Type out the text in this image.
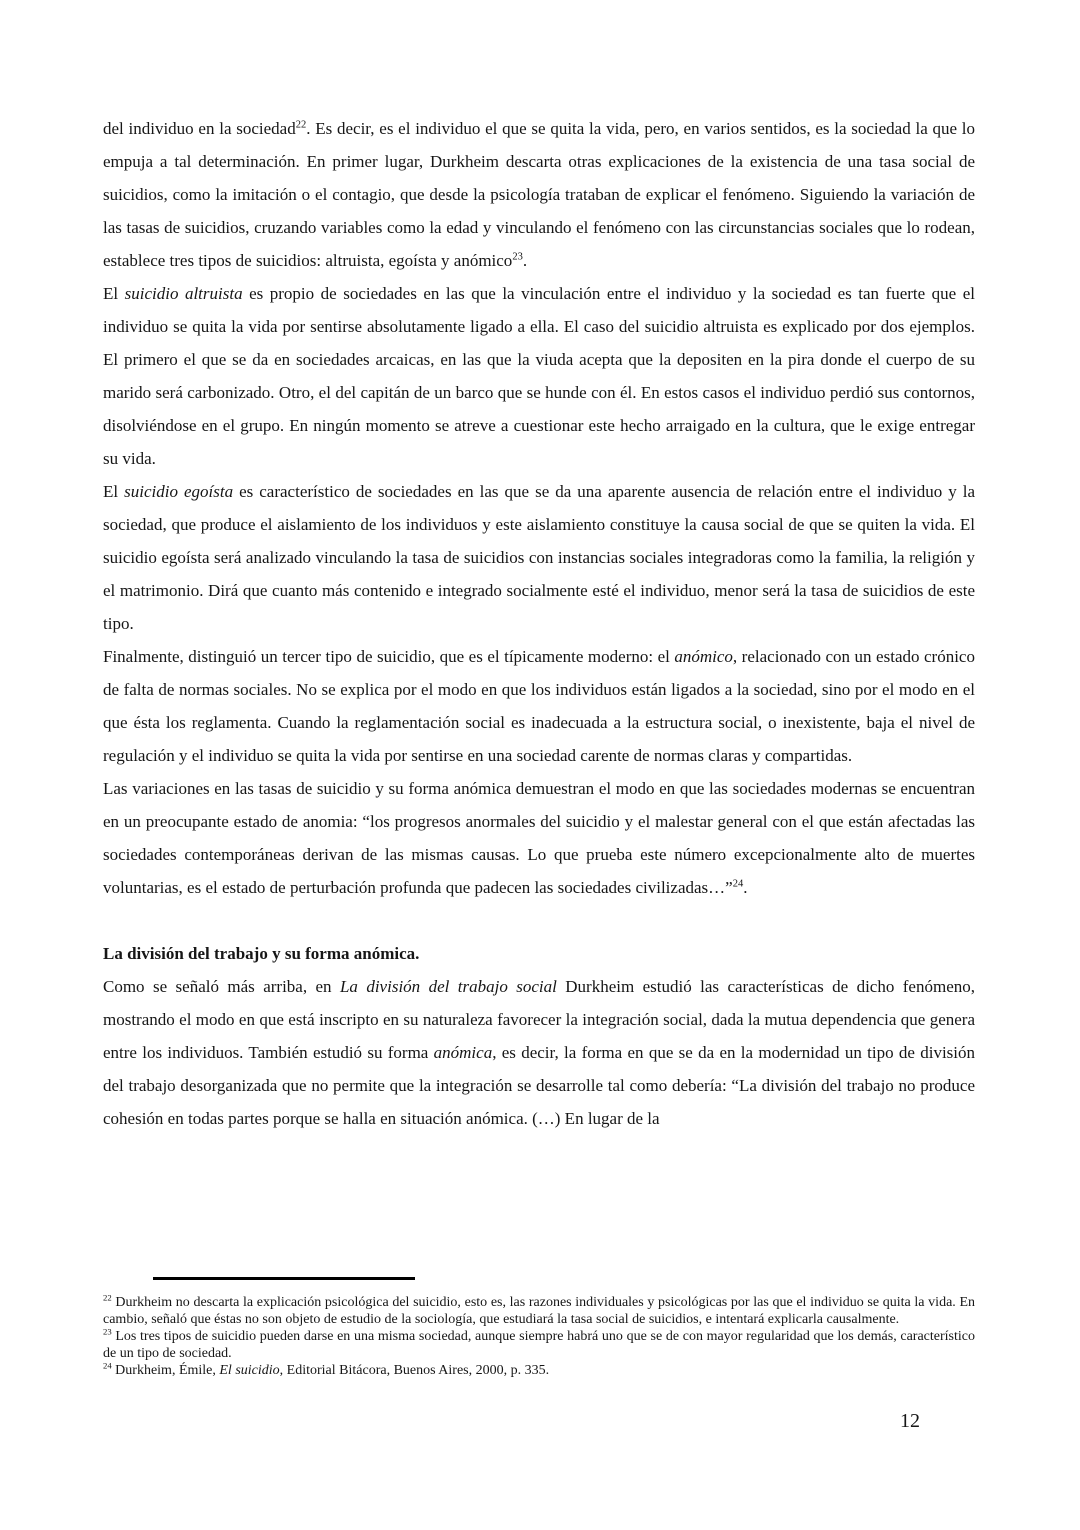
del individuo en la sociedad$^{22}$. Es decir, es el individuo el que se quita la vida, pero, en varios sentidos, es la sociedad la que lo empuja a tal determinación. En primer lugar, Durkheim descarta otras explicaciones de la existencia de una tasa social de suicidios, como la imitación o el contagio, que desde la psicología trataban de explicar el fenómeno. Siguiendo la variación de las tasas de suicidios, cruzando variables como la edad y vinculando el fenómeno con las circunstancias sociales que lo rodean, establece tres tipos de suicidios: altruista, egoísta y anómico$^{23}$.

El suicidio altruista es propio de sociedades en las que la vinculación entre el individuo y la sociedad es tan fuerte que el individuo se quita la vida por sentirse absolutamente ligado a ella. El caso del suicidio altruista es explicado por dos ejemplos. El primero el que se da en sociedades arcaicas, en las que la viuda acepta que la depositen en la pira donde el cuerpo de su marido será carbonizado. Otro, el del capitán de un barco que se hunde con él. En estos casos el individuo perdió sus contornos, disolviéndose en el grupo. En ningún momento se atreve a cuestionar este hecho arraigado en la cultura, que le exige entregar su vida.

El suicidio egoísta es característico de sociedades en las que se da una aparente ausencia de relación entre el individuo y la sociedad, que produce el aislamiento de los individuos y este aislamiento constituye la causa social de que se quiten la vida. El suicidio egoísta será analizado vinculando la tasa de suicidios con instancias sociales integradoras como la familia, la religión y el matrimonio. Dirá que cuanto más contenido e integrado socialmente esté el individuo, menor será la tasa de suicidios de este tipo.

Finalmente, distinguió un tercer tipo de suicidio, que es el típicamente moderno: el anómico, relacionado con un estado crónico de falta de normas sociales. No se explica por el modo en que los individuos están ligados a la sociedad, sino por el modo en el que ésta los reglamenta. Cuando la reglamentación social es inadecuada a la estructura social, o inexistente, baja el nivel de regulación y el individuo se quita la vida por sentirse en una sociedad carente de normas claras y compartidas.

Las variaciones en las tasas de suicidio y su forma anómica demuestran el modo en que las sociedades modernas se encuentran en un preocupante estado de anomia: “los progresos anormales del suicidio y el malestar general con el que están afectadas las sociedades contemporáneas derivan de las mismas causas. Lo que prueba este número excepcionalmente alto de muertes voluntarias, es el estado de perturbación profunda que padecen las sociedades civilizadas…”$^{24}$.

La división del trabajo y su forma anómica.

Como se señaló más arriba, en La división del trabajo social Durkheim estudió las características de dicho fenómeno, mostrando el modo en que está inscripto en su naturaleza favorecer la integración social, dada la mutua dependencia que genera entre los individuos. También estudió su forma anómica, es decir, la forma en que se da en la modernidad un tipo de división del trabajo desorganizada que no permite que la integración se desarrolle tal como debería: “La división del trabajo no produce cohesión en todas partes porque se halla en situación anómica. (…) En lugar de la

$^{22}$ Durkheim no descarta la explicación psicológica del suicidio, esto es, las razones individuales y psicológicas por las que el individuo se quita la vida. En cambio, señaló que éstas no son objeto de estudio de la sociología, que estudiará la tasa social de suicidios, e intentará explicarla causalmente.

$^{23}$ Los tres tipos de suicidio pueden darse en una misma sociedad, aunque siempre habrá uno que se de con mayor regularidad que los demás, característico de un tipo de sociedad.

$^{24}$ Durkheim, Émile, El suicidio, Editorial Bitácora, Buenos Aires, 2000, p. 335.

12
